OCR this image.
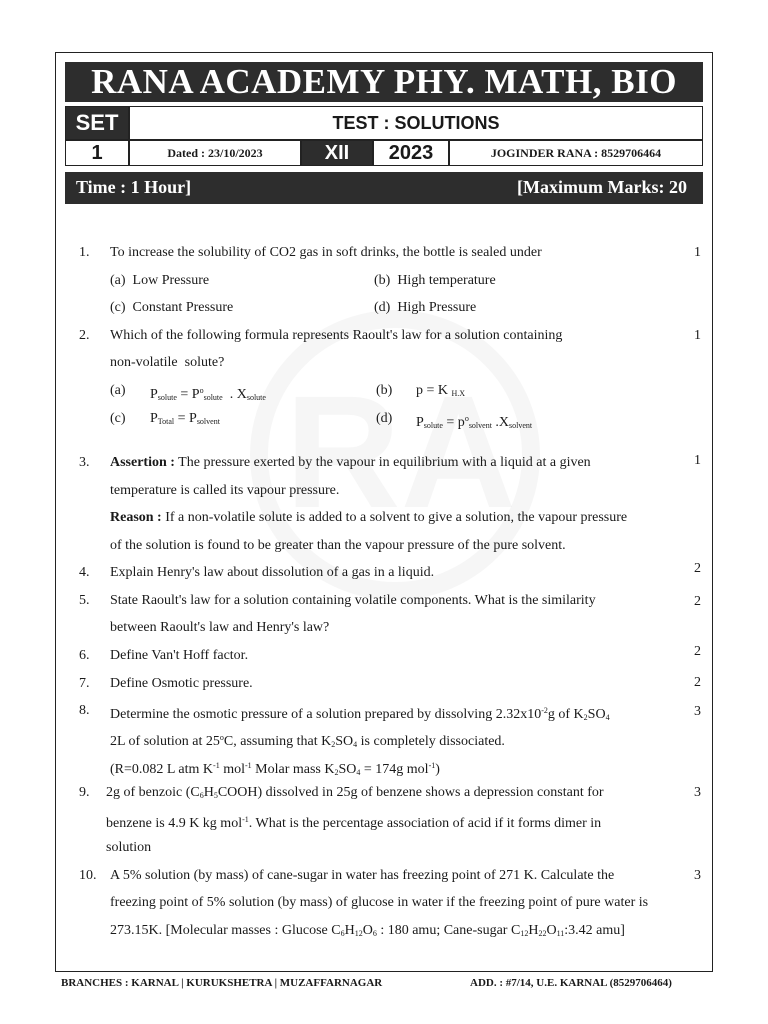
RANA ACADEMY PHY. MATH, BIO
SET	TEST : SOLUTIONS
1	Dated : 23/10/2023	XII	2023	JOGINDER RANA : 8529706464
Time : 1 Hour]	[Maximum Marks: 20
1. To increase the solubility of CO2 gas in soft drinks, the bottle is sealed under	1
(a)  Low Pressure	(b)  High temperature
(c)  Constant Pressure	(d)  High Pressure
2. Which of the following formula represents Raoult's law for a solution containing	1
non-volatile  solute?
(a) $P_{solute} = P^o_{solute}$  . $X_{solute}$	(b) p = K $_{H.X}$
(c) $P_{Total} = P_{solvent}$	(d) $P_{solute} = p^o_{solvent}$ $.X_{solvent}$
3. Assertion : The pressure exerted by the vapour in equilibrium with a liquid at a given	1
temperature is called its vapour pressure.
Reason : If a non-volatile solute is added to a solvent to give a solution, the vapour pressure
of the solution is found to be greater than the vapour pressure of the pure solvent.
4. Explain Henry's law about dissolution of a gas in a liquid.	2
5. State Raoult's law for a solution containing volatile components. What is the similarity	2
between Raoult's law and Henry's law?
6. Define Van't Hoff factor.	2
7. Define Osmotic pressure.	2
8. Determine the osmotic pressure of a solution prepared by dissolving $2.32x10^{-2}g$ of $K_2SO_4$	3
2L of solution at 25$^o$C, assuming that $K_2SO_4$ is completely dissociated.
(R=0.082 L atm $K^{-1}$ mol$^{-1}$ Molar mass $K_2SO_4 = 174g$ mol$^{-1}$)
9. 2g of benzoic $(C_6H_5COOH)$ dissolved in 25g of benzene shows a depression constant for	3
benzene is 4.9 K kg mol$^{-1}$. What is the percentage association of acid if it forms dimer in
solution
10. A 5% solution (by mass) of cane-sugar in water has freezing point of 271 K. Calculate the	3
freezing point of 5% solution (by mass) of glucose in water if the freezing point of pure water is
273.15K. [Molecular masses : Glucose $C_6H_{12}O_6$ : 180 amu; Cane-sugar $C_{12}H_{22}O_{11}:3.42$ amu]
BRANCHES : KARNAL | KURUKSHETRA | MUZAFFARNAGAR	ADD. : #7/14, U.E. KARNAL (8529706464)
